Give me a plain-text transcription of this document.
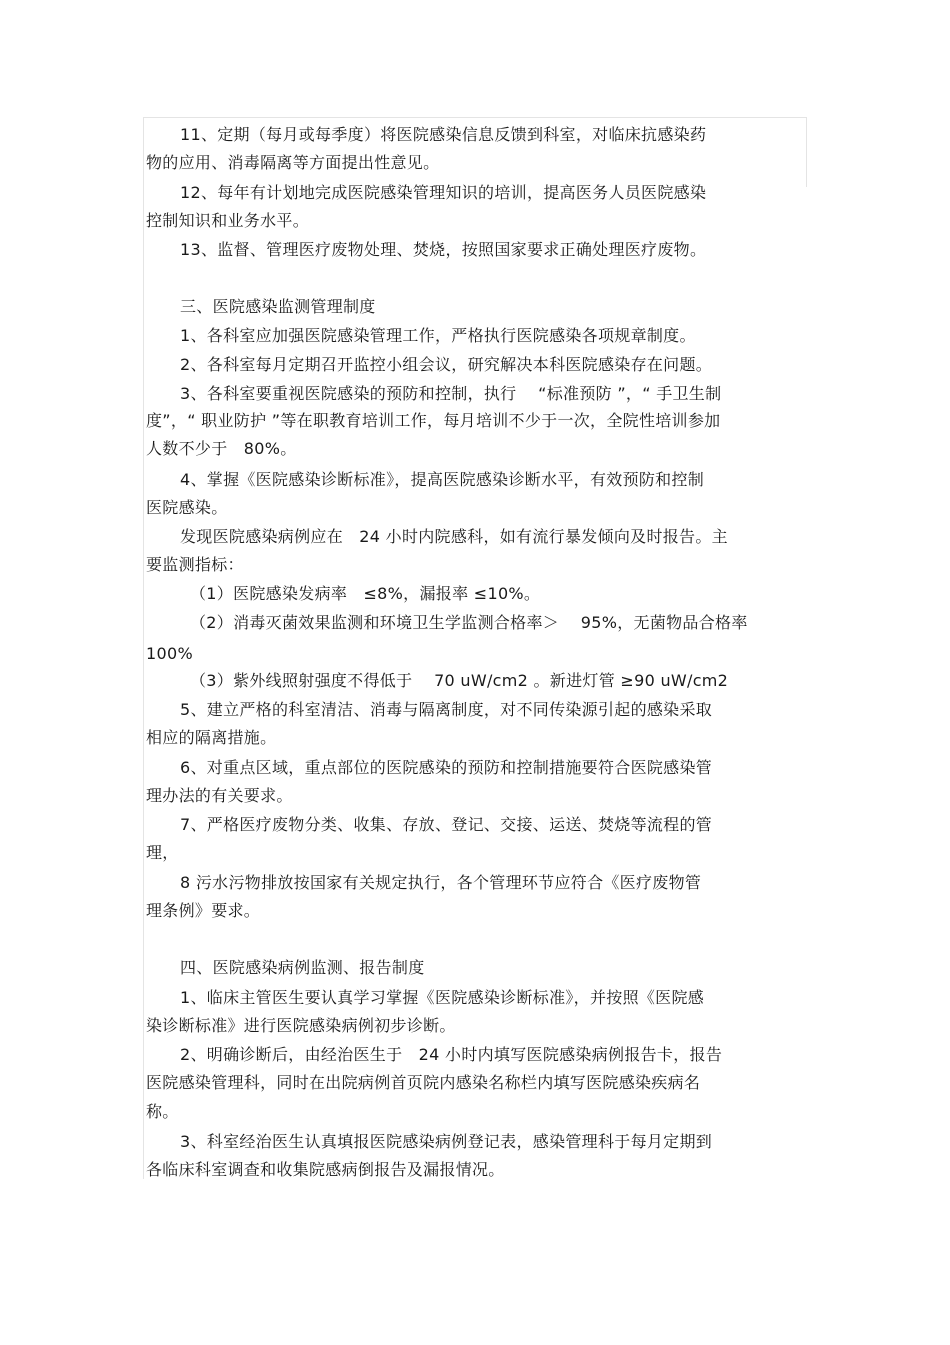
11、定期（每月或每季度）将医院感染信息反馈到科室，对临床抗感染药
物的应用、消毒隔离等方面提出性意见。
12、每年有计划地完成医院感染管理知识的培训，提高医务人员医院感染
控制知识和业务水平。
13、监督、管理医疗废物处理、焚烧，按照国家要求正确处理医疗废物。
三、医院感染监测管理制度
1、各科室应加强医院感染管理工作，严格执行医院感染各项规章制度。
2、各科室每月定期召开监控小组会议，研究解决本科医院感染存在问题。
3、各科室要重视医院感染的预防和控制，执行　 “标准预防 ”，“ 手卫生制
度”，“ 职业防护 ”等在职教育培训工作，每月培训不少于一次，全院性培训参加
人数不少于　80%。
4、掌握《医院感染诊断标准》，提高医院感染诊断水平，有效预防和控制
医院感染。
发现医院感染病例应在　24 小时内院感科，如有流行暴发倾向及时报告。主
要监测指标：
（1）医院感染发病率　≤8%，漏报率 ≤10%。
（2）消毒灭菌效果监测和环境卫生学监测合格率＞　 95%，无菌物品合格率
100%
（3）紫外线照射强度不得低于　 70 uW/cm2 。新进灯管 ≥90 uW/cm2
5、建立严格的科室清洁、消毒与隔离制度，对不同传染源引起的感染采取
相应的隔离措施。
6、对重点区域，重点部位的医院感染的预防和控制措施要符合医院感染管
理办法的有关要求。
7、严格医疗废物分类、收集、存放、登记、交接、运送、焚烧等流程的管
理，
8 污水污物排放按国家有关规定执行，各个管理环节应符合《医疗废物管
理条例》要求。
四、医院感染病例监测、报告制度
1、临床主管医生要认真学习掌握《医院感染诊断标准》，并按照《医院感
染诊断标准》进行医院感染病例初步诊断。
2、明确诊断后，由经治医生于　24 小时内填写医院感染病例报告卡，报告
医院感染管理科，同时在出院病例首页院内感染名称栏内填写医院感染疾病名
称。
3、科室经治医生认真填报医院感染病例登记表，感染管理科于每月定期到
各临床科室调查和收集院感病倒报告及漏报情况。
